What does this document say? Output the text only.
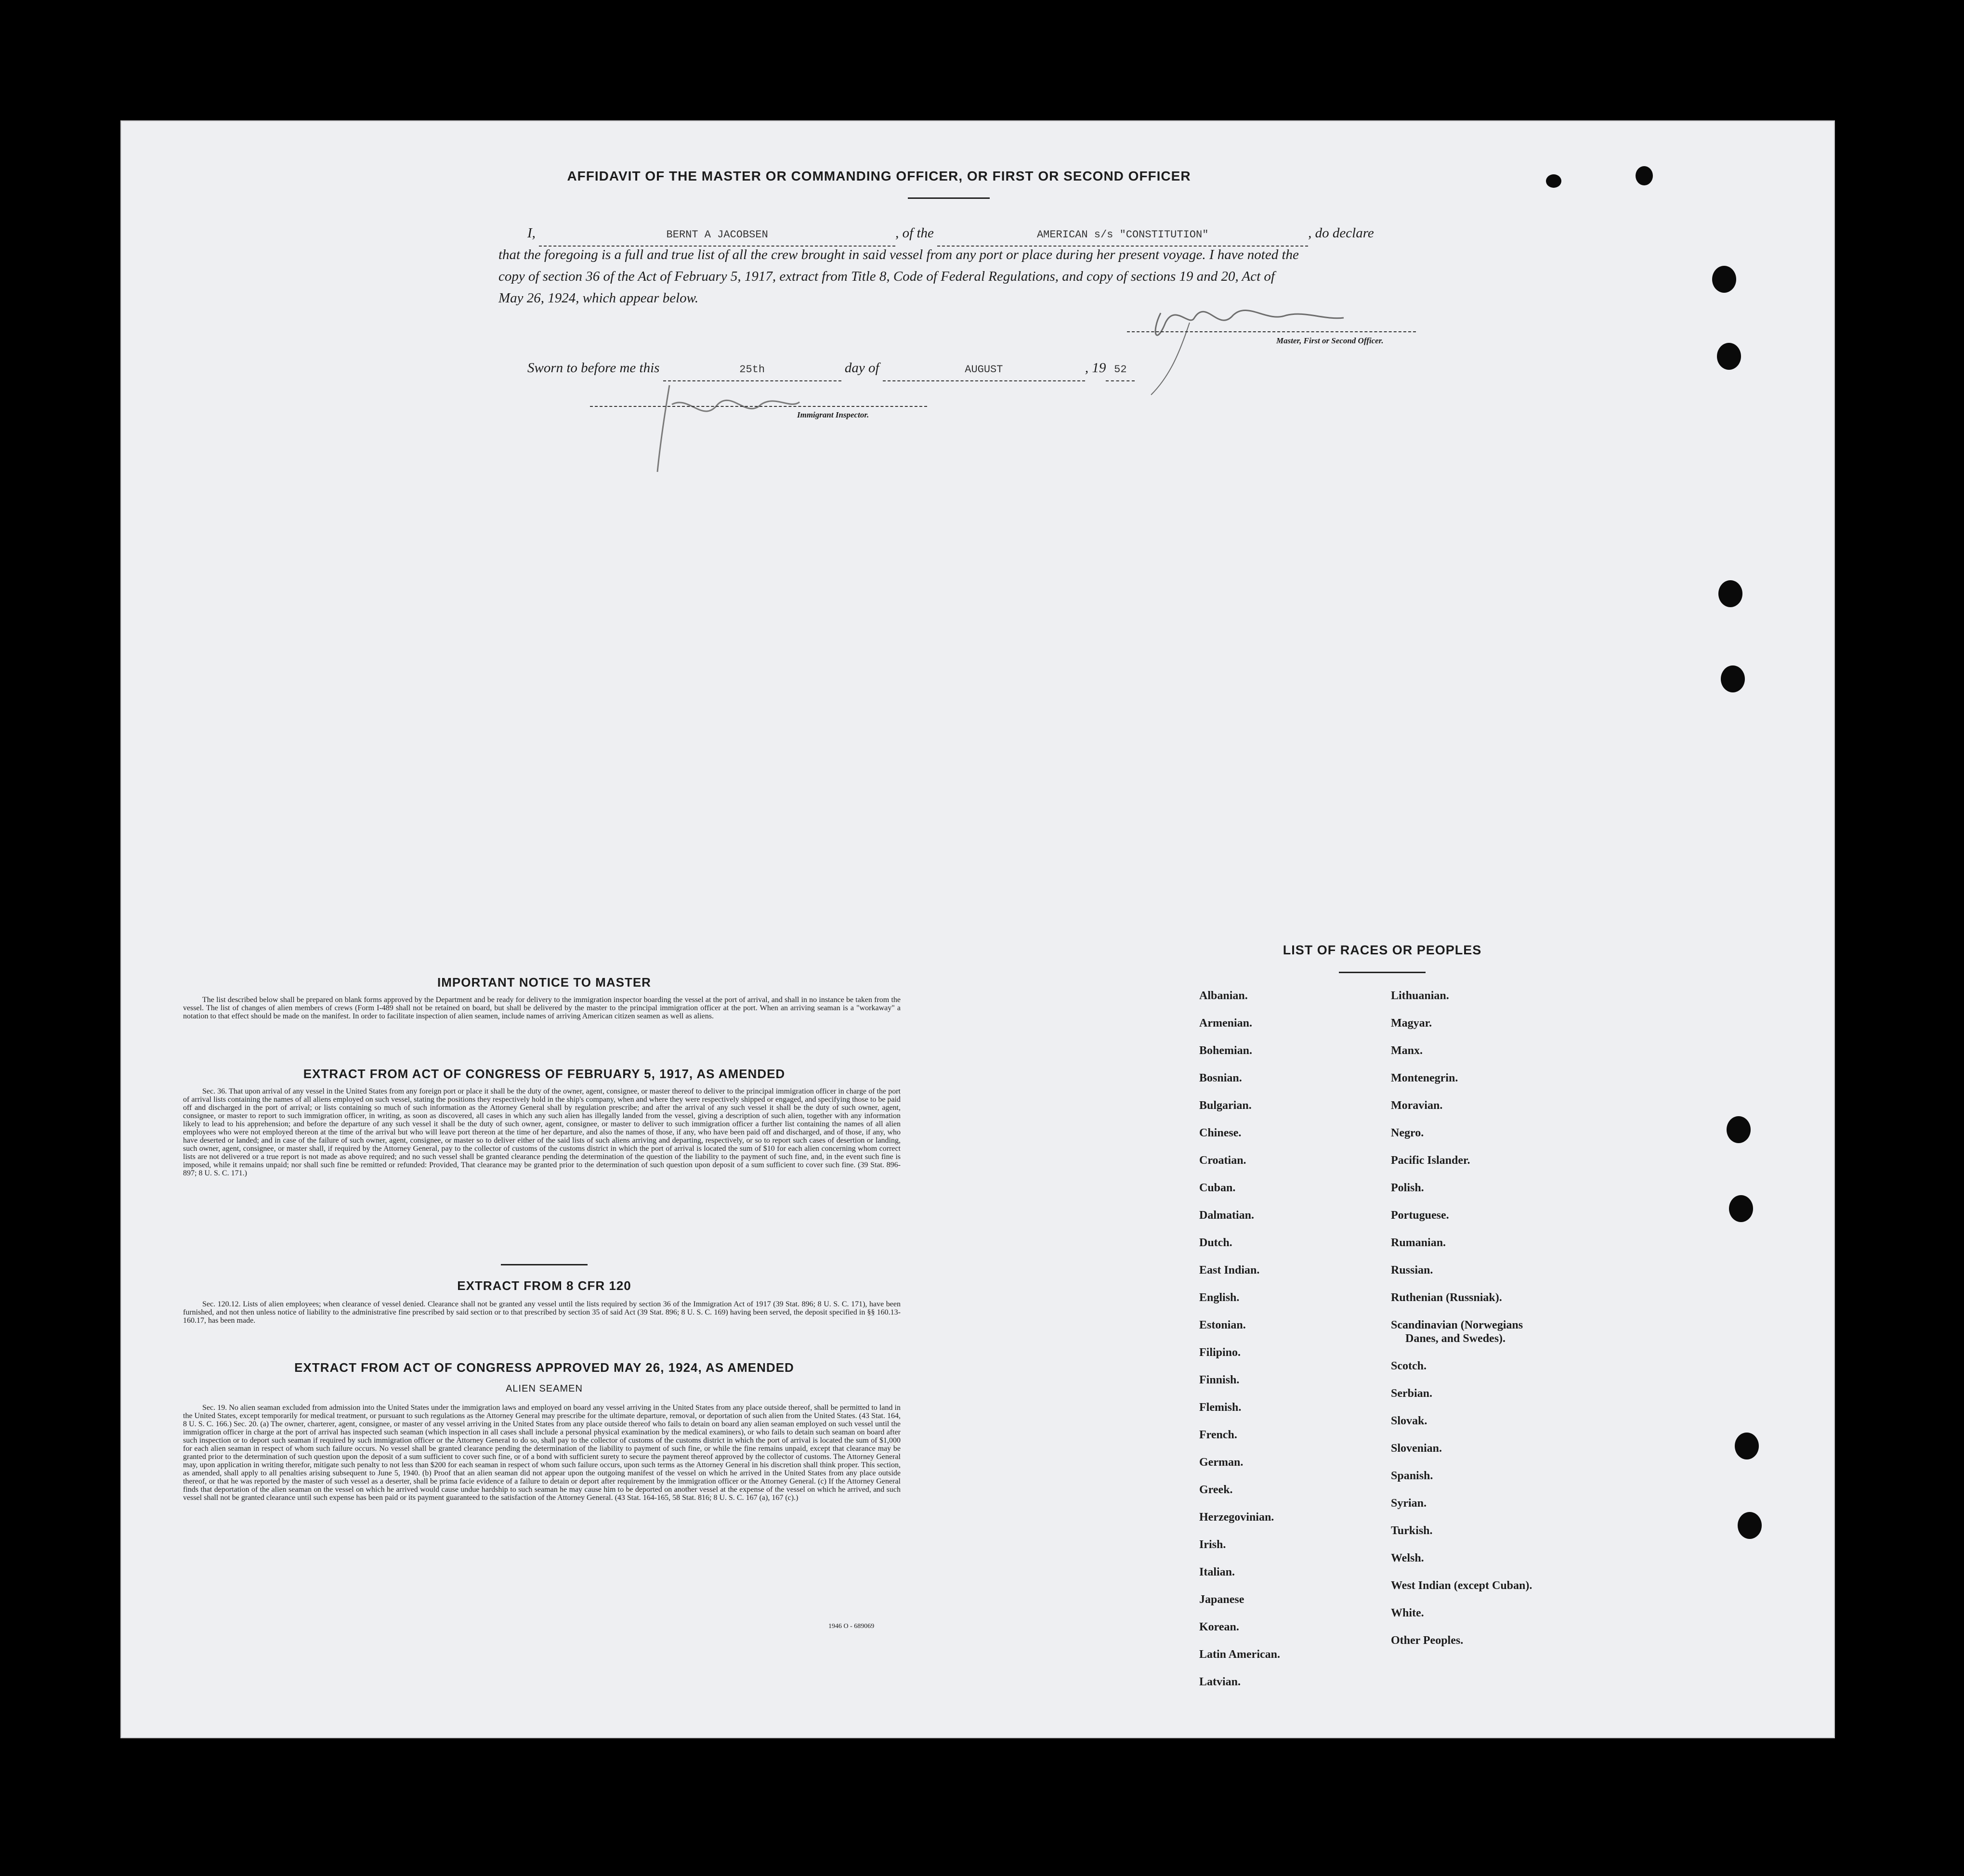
AFFIDAVIT OF THE MASTER OR COMMANDING OFFICER, OR FIRST OR SECOND OFFICER
I,	BERNT A JACOBSEN	, of the	AMERICAN s/s "CONSTITUTION"	, do declare
that the foregoing is a full and true list of all the crew brought in said vessel from any port or place during her present voyage. I have noted the
copy of section 36 of the Act of February 5, 1917, extract from Title 8, Code of Federal Regulations, and copy of sections 19 and 20, Act of
May 26, 1924, which appear below.
Master, First or Second Officer.
Sworn to before me this	25th	day of	AUGUST	, 19 52
Immigrant Inspector.
IMPORTANT NOTICE TO MASTER
The list described below shall be prepared on blank forms approved by the Department and be ready for delivery to the immigration inspector boarding the vessel at the port of arrival, and shall in no instance be taken from the vessel. The list of changes of alien members of crews (Form I-489 shall not be retained on board, but shall be delivered by the master to the principal immigration officer at the port. When an arriving seaman is a "workaway" a notation to that effect should be made on the manifest. In order to facilitate inspection of alien seamen, include names of arriving American citizen seamen as well as aliens.
EXTRACT FROM ACT OF CONGRESS OF FEBRUARY 5, 1917, AS AMENDED
Sec. 36. That upon arrival of any vessel in the United States from any foreign port or place it shall be the duty of the owner, agent, consignee, or master thereof to deliver to the principal immigration officer in charge of the port of arrival lists containing the names of all aliens employed on such vessel, stating the positions they respectively hold in the ship's company, when and where they were respectively shipped or engaged, and specifying those to be paid off and discharged in the port of arrival; or lists containing so much of such information as the Attorney General shall by regulation prescribe; and after the arrival of any such vessel it shall be the duty of such owner, agent, consignee, or master to report to such immigration officer, in writing, as soon as discovered, all cases in which any such alien has illegally landed from the vessel, giving a description of such alien, together with any information likely to lead to his apprehension; and before the departure of any such vessel it shall be the duty of such owner, agent, consignee, or master to deliver to such immigration officer a further list containing the names of all alien employees who were not employed thereon at the time of the arrival but who will leave port thereon at the time of her departure, and also the names of those, if any, who have been paid off and discharged, and of those, if any, who have deserted or landed; and in case of the failure of such owner, agent, consignee, or master so to deliver either of the said lists of such aliens arriving and departing, respectively, or so to report such cases of desertion or landing, such owner, agent, consignee, or master shall, if required by the Attorney General, pay to the collector of customs of the customs district in which the port of arrival is located the sum of $10 for each alien concerning whom correct lists are not delivered or a true report is not made as above required; and no such vessel shall be granted clearance pending the determination of the question of the liability to the payment of such fine, and, in the event such fine is imposed, while it remains unpaid; nor shall such fine be remitted or refunded: Provided, That clearance may be granted prior to the determination of such question upon deposit of a sum sufficient to cover such fine. (39 Stat. 896-897; 8 U. S. C. 171.)
EXTRACT FROM 8 CFR 120
Sec. 120.12. Lists of alien employees; when clearance of vessel denied. Clearance shall not be granted any vessel until the lists required by section 36 of the Immigration Act of 1917 (39 Stat. 896; 8 U. S. C. 171), have been furnished, and not then unless notice of liability to the administrative fine prescribed by said section or to that prescribed by section 35 of said Act (39 Stat. 896; 8 U. S. C. 169) having been served, the deposit specified in §§ 160.13-160.17, has been made.
EXTRACT FROM ACT OF CONGRESS APPROVED MAY 26, 1924, AS AMENDED
ALIEN SEAMEN
Sec. 19. No alien seaman excluded from admission into the United States under the immigration laws and employed on board any vessel arriving in the United States from any place outside thereof, shall be permitted to land in the United States, except temporarily for medical treatment, or pursuant to such regulations as the Attorney General may prescribe for the ultimate departure, removal, or deportation of such alien from the United States. (43 Stat. 164, 8 U. S. C. 166.) Sec. 20. (a) The owner, charterer, agent, consignee, or master of any vessel arriving in the United States from any place outside thereof who fails to detain on board any alien seaman employed on such vessel until the immigration officer in charge at the port of arrival has inspected such seaman (which inspection in all cases shall include a personal physical examination by the medical examiners), or who fails to detain such seaman on board after such inspection or to deport such seaman if required by such immigration officer or the Attorney General to do so, shall pay to the collector of customs of the customs district in which the port of arrival is located the sum of $1,000 for each alien seaman in respect of whom such failure occurs. No vessel shall be granted clearance pending the determination of the liability to payment of such fine, or while the fine remains unpaid, except that clearance may be granted prior to the determination of such question upon the deposit of a sum sufficient to cover such fine, or of a bond with sufficient surety to secure the payment thereof approved by the collector of customs. The Attorney General may, upon application in writing therefor, mitigate such penalty to not less than $200 for each seaman in respect of whom such failure occurs, upon such terms as the Attorney General in his discretion shall think proper. This section, as amended, shall apply to all penalties arising subsequent to June 5, 1940. (b) Proof that an alien seaman did not appear upon the outgoing manifest of the vessel on which he arrived in the United States from any place outside thereof, or that he was reported by the master of such vessel as a deserter, shall be prima facie evidence of a failure to detain or deport after requirement by the immigration officer or the Attorney General. (c) If the Attorney General finds that deportation of the alien seaman on the vessel on which he arrived would cause undue hardship to such seaman he may cause him to be deported on another vessel at the expense of the vessel on which he arrived, and such vessel shall not be granted clearance until such expense has been paid or its payment guaranteed to the satisfaction of the Attorney General. (43 Stat. 164-165, 58 Stat. 816; 8 U. S. C. 167 (a), 167 (c).)
1946 O - 689069
LIST OF RACES OR PEOPLES
Albanian.
Armenian.
Bohemian.
Bosnian.
Bulgarian.
Chinese.
Croatian.
Cuban.
Dalmatian.
Dutch.
East Indian.
English.
Estonian.
Filipino.
Finnish.
Flemish.
French.
German.
Greek.
Herzegovinian.
Irish.
Italian.
Japanese
Korean.
Latin American.
Latvian.
Lithuanian.
Magyar.
Manx.
Montenegrin.
Moravian.
Negro.
Pacific Islander.
Polish.
Portuguese.
Rumanian.
Russian.
Ruthenian (Russniak).
Scandinavian (Norwegians
Danes, and Swedes).
Scotch.
Serbian.
Slovak.
Slovenian.
Spanish.
Syrian.
Turkish.
Welsh.
West Indian (except Cuban).
White.
Other Peoples.
